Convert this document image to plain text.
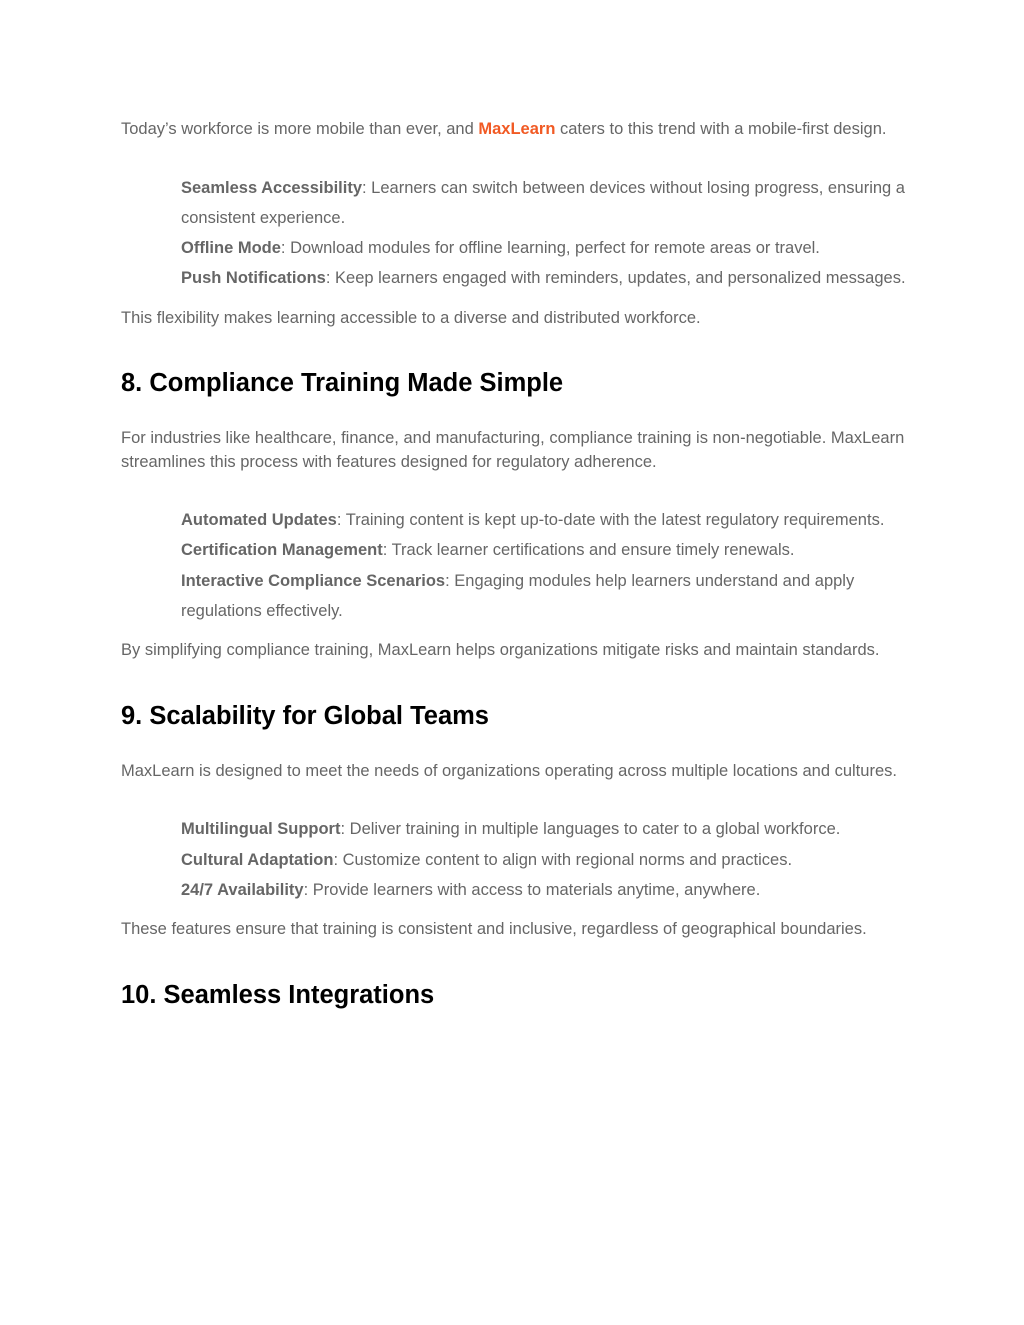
Today’s workforce is more mobile than ever, and MaxLearn caters to this trend with a mobile-first design.

Seamless Accessibility: Learners can switch between devices without losing progress, ensuring a consistent experience.
Offline Mode: Download modules for offline learning, perfect for remote areas or travel.
Push Notifications: Keep learners engaged with reminders, updates, and personalized messages.

This flexibility makes learning accessible to a diverse and distributed workforce.

8. Compliance Training Made Simple

For industries like healthcare, finance, and manufacturing, compliance training is non-negotiable. MaxLearn streamlines this process with features designed for regulatory adherence.

Automated Updates: Training content is kept up-to-date with the latest regulatory requirements.
Certification Management: Track learner certifications and ensure timely renewals.
Interactive Compliance Scenarios: Engaging modules help learners understand and apply regulations effectively.

By simplifying compliance training, MaxLearn helps organizations mitigate risks and maintain standards.

9. Scalability for Global Teams

MaxLearn is designed to meet the needs of organizations operating across multiple locations and cultures.

Multilingual Support: Deliver training in multiple languages to cater to a global workforce.
Cultural Adaptation: Customize content to align with regional norms and practices.
24/7 Availability: Provide learners with access to materials anytime, anywhere.

These features ensure that training is consistent and inclusive, regardless of geographical boundaries.

10. Seamless Integrations
